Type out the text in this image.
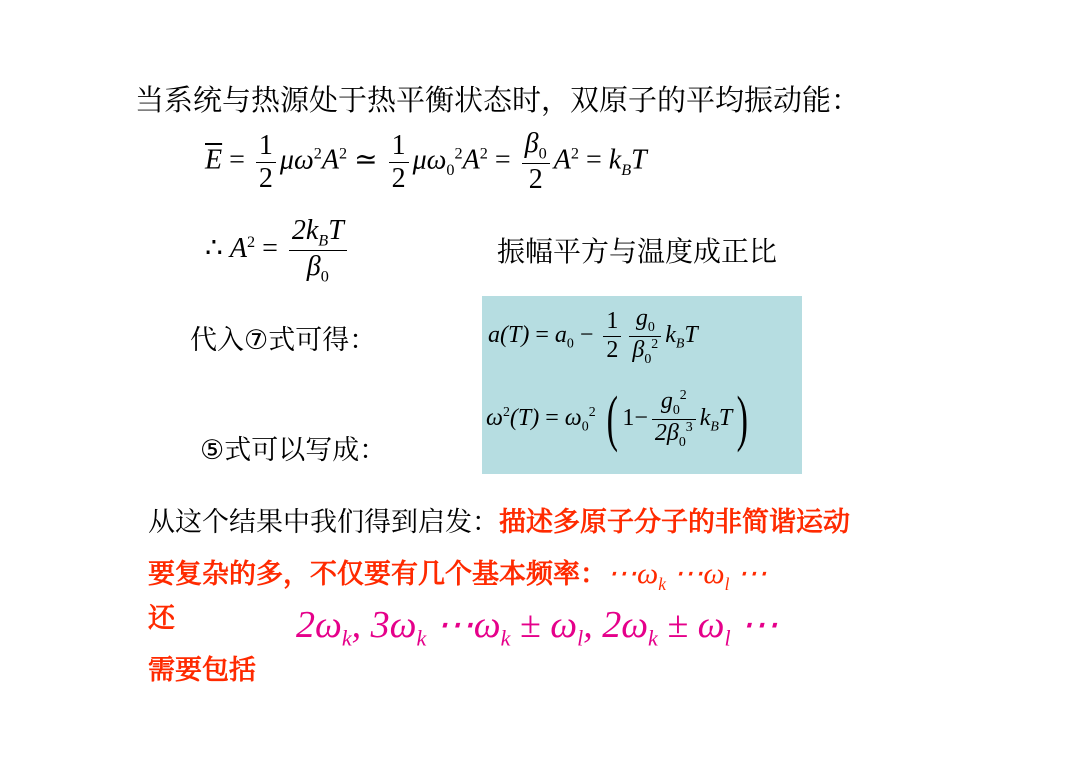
当系统与热源处于热平衡状态时，双原子的平均振动能：
$\overline{E} = \frac{1}{2} \mu\omega^2A^2$ ≃ $\frac{1}{2} \mu\omega_0^2A^2 = \frac{\beta_0}{2} A^2 = k_BT$
∴ $A^2 = \frac{2k_BT}{\beta_0}$	振幅平方与温度成正比
代入⑦式可得：
⑤式可以写成：
$a(T) = a_0 - \frac{1}{2} \frac{g_0}{\beta_0^2} k_BT$
$\omega^2(T) = \omega_0^2$ ( $1- \frac{g_0^2}{2\beta_0^3} k_BT$)
从这个结果中我们得到启发：描述多原子分子的非简谐运动
要复杂的多，不仅要有几个基本频率：$\cdots\omega_k$ $\cdots\omega_l$ ⋯
还	$2\omega_k$, $3\omega_k$ $\cdots\omega_k \pm \omega_l$, $2\omega_k \pm \omega_l$ ⋯
需要包括
